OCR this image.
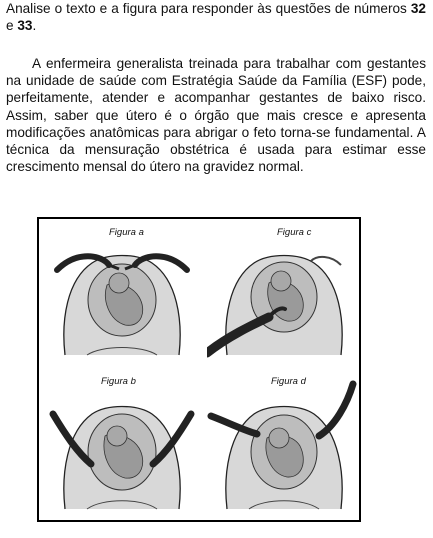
Analise o texto e a figura para responder às questões de números 32 e 33.

A enfermeira generalista treinada para trabalhar com gestantes na unidade de saúde com Estratégia Saúde da Família (ESF) pode, perfeitamente, atender e acompanhar gestantes de baixo risco. Assim, saber que útero é o órgão que mais cresce e apresenta modificações anatômicas para abrigar o feto torna-se fundamental. A técnica da mensuração obstétrica é usada para estimar esse crescimento mensal do útero na gravidez normal.

Figura a	Figura c
Figura b	Figura d
